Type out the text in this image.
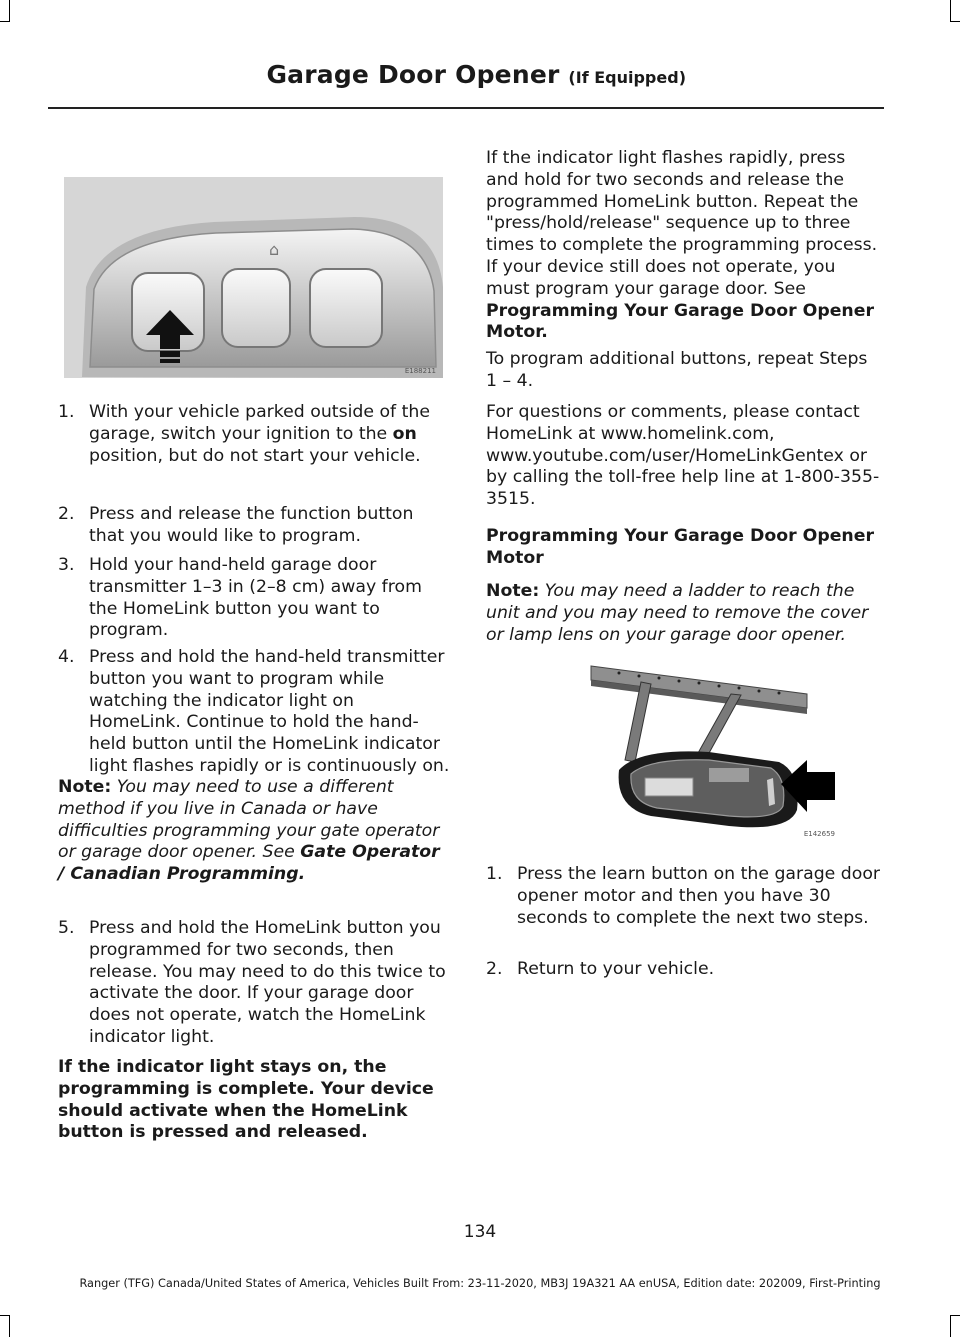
Garage Door Opener (If Equipped)
⌂
E188211
1. With your vehicle parked outside of the garage, switch your ignition to the on position, but do not start your vehicle.
2. Press and release the function button that you would like to program.
3. Hold your hand-held garage door transmitter 1–3 in (2–8 cm) away from the HomeLink button you want to program.
4. Press and hold the hand-held transmitter button you want to program while watching the indicator light on HomeLink. Continue to hold the hand-held button until the HomeLink indicator light flashes rapidly or is continuously on.

Note: You may need to use a different method if you live in Canada or have difficulties programming your gate operator or garage door opener. See Gate Operator / Canadian Programming.

5. Press and hold the HomeLink button you programmed for two seconds, then release. You may need to do this twice to activate the door. If your garage door does not operate, watch the HomeLink indicator light.

If the indicator light stays on, the programming is complete. Your device should activate when the HomeLink button is pressed and released.

If the indicator light flashes rapidly, press and hold for two seconds and release the programmed HomeLink button. Repeat the "press/hold/release" sequence up to three times to complete the programming process. If your device still does not operate, you must program your garage door. See Programming Your Garage Door Opener Motor.

To program additional buttons, repeat Steps 1 – 4.

For questions or comments, please contact HomeLink at www.homelink.com, www.youtube.com/user/HomeLinkGentex or by calling the toll-free help line at 1-800-355-3515.

Programming Your Garage Door Opener Motor

Note: You may need a ladder to reach the unit and you may need to remove the cover or lamp lens on your garage door opener.

1. Press the learn button on the garage door opener motor and then you have 30 seconds to complete the next two steps.
2. Return to your vehicle.
E142659
134
Ranger (TFG) Canada/United States of America, Vehicles Built From: 23-11-2020, MB3J 19A321 AA enUSA, Edition date: 202009, First-Printing
